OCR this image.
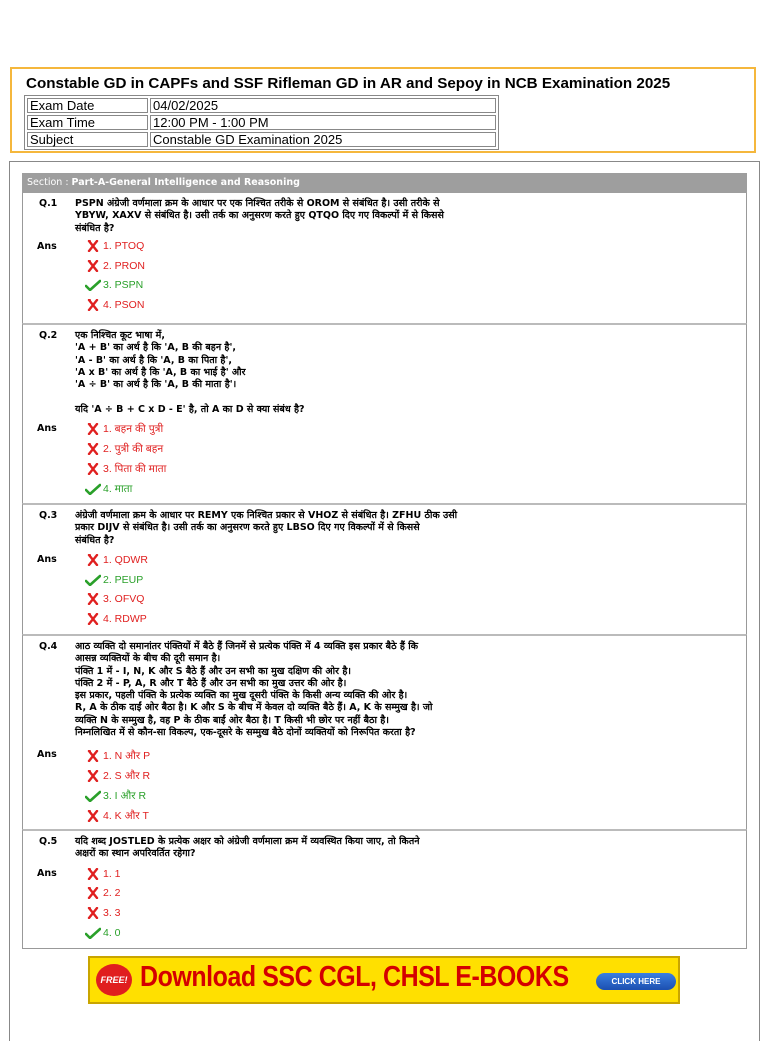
Constable GD in CAPFs and SSF Rifleman GD in AR and Sepoy in NCB Examination 2025
Exam Date	04/02/2025
Exam Time	12:00 PM - 1:00 PM
Subject	Constable GD Examination 2025
Section : Part-A-General Intelligence and Reasoning
Q.1 PSPN अंग्रेजी वर्णमाला क्रम के आधार पर एक निश्चित तरीके से OROM से संबंधित है। उसी तरीके से
YBYW, XAXV से संबंधित है। उसी तर्क का अनुसरण करते हुए QTQO दिए गए विकल्पों में से किससे
संबंधित है?
Ans	1. PTOQ
2. PRON
3. PSPN
4. PSON
Q.2 एक निश्चित कूट भाषा में,
'A + B' का अर्थ है कि 'A, B की बहन है',
'A - B' का अर्थ है कि 'A, B का पिता है',
'A x B' का अर्थ है कि 'A, B का भाई है' और
'A ÷ B' का अर्थ है कि 'A, B की माता है'।

यदि 'A ÷ B + C x D - E' है, तो A का D से क्या संबंध है?
Ans	1. बहन की पुत्री
2. पुत्री की बहन
3. पिता की माता
4. माता
Q.3 अंग्रेजी वर्णमाला क्रम के आधार पर REMY एक निश्चित प्रकार से VHOZ से संबंधित है। ZFHU ठीक उसी
प्रकार DIJV से संबंधित है। उसी तर्क का अनुसरण करते हुए LBSO दिए गए विकल्पों में से किससे
संबंधित है?
Ans	1. QDWR
2. PEUP
3. OFVQ
4. RDWP
Q.4 आठ व्यक्ति दो समानांतर पंक्तियों में बैठे हैं जिनमें से प्रत्येक पंक्ति में 4 व्यक्ति इस प्रकार बैठे हैं कि
आसन्न व्यक्तियों के बीच की दूरी समान है।
पंक्ति 1 में - I, N, K और S बैठे हैं और उन सभी का मुख दक्षिण की ओर है।
पंक्ति 2 में - P, A, R और T बैठे हैं और उन सभी का मुख उत्तर की ओर है।
इस प्रकार, पहली पंक्ति के प्रत्येक व्यक्ति का मुख दूसरी पंक्ति के किसी अन्य व्यक्ति की ओर है।
R, A के ठीक दाईं ओर बैठा है। K और S के बीच में केवल दो व्यक्ति बैठे हैं। A, K के सम्मुख है। जो
व्यक्ति N के सम्मुख है, वह P के ठीक बाईं ओर बैठा है। T किसी भी छोर पर नहीं बैठा है।
निम्नलिखित में से कौन-सा विकल्प, एक-दूसरे के सम्मुख बैठे दोनों व्यक्तियों को निरूपित करता है?
Ans	1. N और P
2. S और R
3. I और R
4. K और T
Q.5 यदि शब्द JOSTLED के प्रत्येक अक्षर को अंग्रेजी वर्णमाला क्रम में व्यवस्थित किया जाए, तो कितने
अक्षरों का स्थान अपरिवर्तित रहेगा?
Ans	1. 1
2. 2
3. 3
4. 0
FREE! Download SSC CGL, CHSL E-BOOKS	CLICK HERE
